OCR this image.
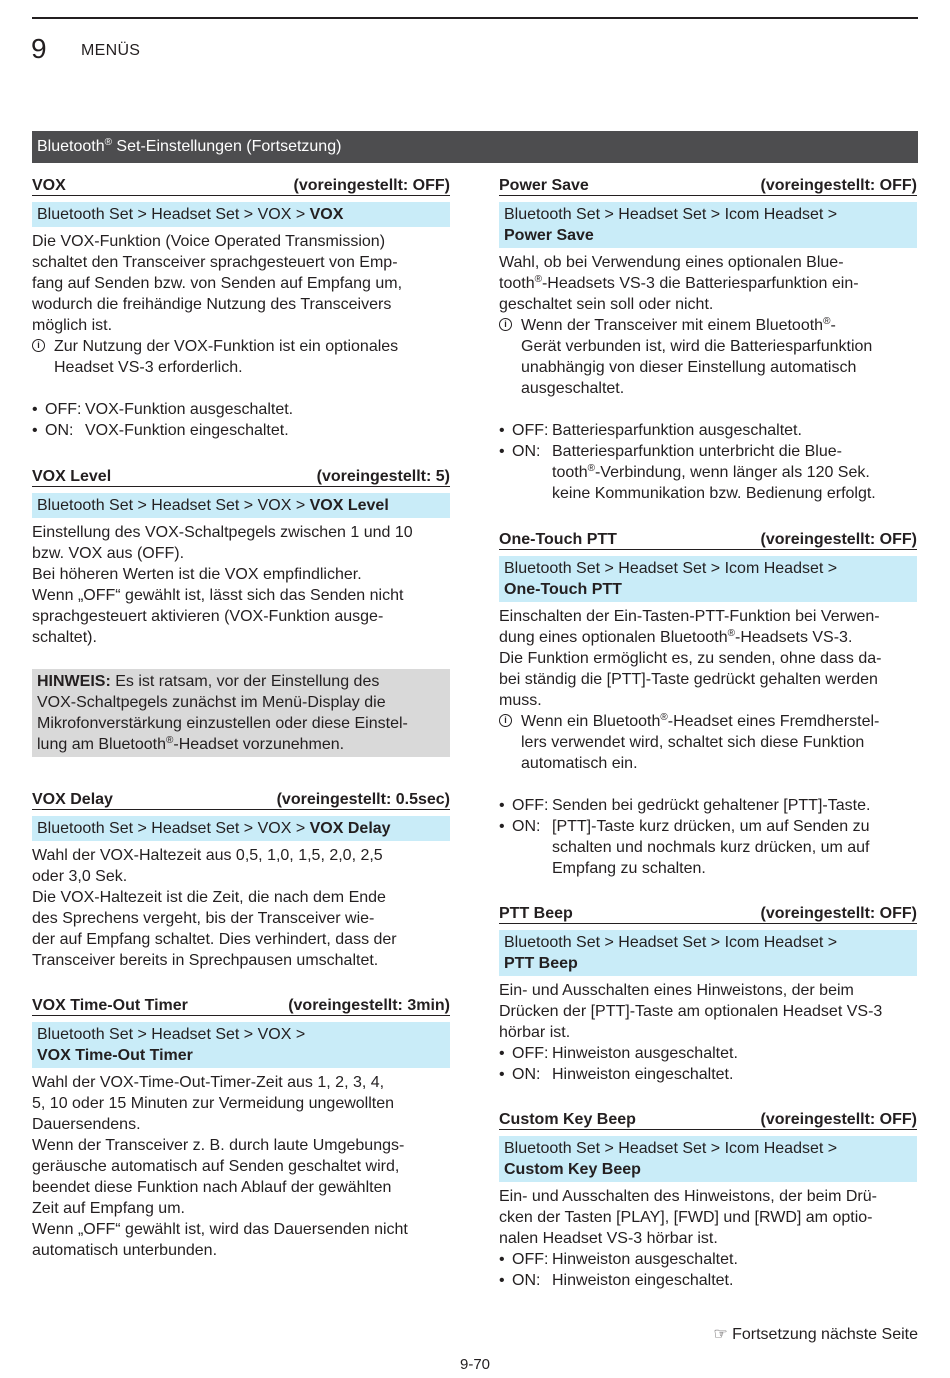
9 MENÜS
Bluetooth® Set-Einstellungen (Fortsetzung)
VOX	(voreingestellt: OFF)
Bluetooth Set > Headset Set > VOX > VOX
Die VOX-Funktion (Voice Operated Transmission)
schaltet den Transceiver sprachgesteuert von Emp-
fang auf Senden bzw. von Senden auf Empfang um,
wodurch die freihändige Nutzung des Transceivers
möglich ist.
i Zur Nutzung der VOX-Funktion ist ein optionales
Headset VS-3 erforderlich.
• OFF: VOX-Funktion ausgeschaltet.
• ON: VOX-Funktion eingeschaltet.
VOX Level	(voreingestellt: 5)
Bluetooth Set > Headset Set > VOX > VOX Level
Einstellung des VOX-Schaltpegels zwischen 1 und 10
bzw. VOX aus (OFF).
Bei höheren Werten ist die VOX empfindlicher.
Wenn „OFF“ gewählt ist, lässt sich das Senden nicht
sprachgesteuert aktivieren (VOX-Funktion ausge-
schaltet).
HINWEIS: Es ist ratsam, vor der Einstellung des
VOX-Schaltpegels zunächst im Menü-Display die
Mikrofonverstärkung einzustellen oder diese Einstel-
lung am Bluetooth®-Headset vorzunehmen.
VOX Delay	(voreingestellt: 0.5sec)
Bluetooth Set > Headset Set > VOX > VOX Delay
Wahl der VOX-Haltezeit aus 0,5, 1,0, 1,5, 2,0, 2,5
oder 3,0 Sek.
Die VOX-Haltezeit ist die Zeit, die nach dem Ende
des Sprechens vergeht, bis der Transceiver wie-
der auf Empfang schaltet. Dies verhindert, dass der
Transceiver bereits in Sprechpausen umschaltet.
VOX Time-Out Timer	(voreingestellt: 3min)
Bluetooth Set > Headset Set > VOX >
VOX Time-Out Timer
Wahl der VOX-Time-Out-Timer-Zeit aus 1, 2, 3, 4,
5, 10 oder 15 Minuten zur Vermeidung ungewollten
Dauersendens.
Wenn der Transceiver z. B. durch laute Umgebungs-
geräusche automatisch auf Senden geschaltet wird,
beendet diese Funktion nach Ablauf der gewählten
Zeit auf Empfang um.
Wenn „OFF“ gewählt ist, wird das Dauersenden nicht
automatisch unterbunden.
Power Save	(voreingestellt: OFF)
Bluetooth Set > Headset Set > Icom Headset >
Power Save
Wahl, ob bei Verwendung eines optionalen Blue-
tooth®-Headsets VS-3 die Batteriesparfunktion ein-
geschaltet sein soll oder nicht.
i Wenn der Transceiver mit einem Bluetooth®-
Gerät verbunden ist, wird die Batteriesparfunktion
unabhängig von dieser Einstellung automatisch
ausgeschaltet.
• OFF: Batteriesparfunktion ausgeschaltet.
• ON: Batteriesparfunktion unterbricht die Blue-
tooth®-Verbindung, wenn länger als 120 Sek.
keine Kommunikation bzw. Bedienung erfolgt.
One-Touch PTT	(voreingestellt: OFF)
Bluetooth Set > Headset Set > Icom Headset >
One-Touch PTT
Einschalten der Ein-Tasten-PTT-Funktion bei Verwen-
dung eines optionalen Bluetooth®-Headsets VS-3.
Die Funktion ermöglicht es, zu senden, ohne dass da-
bei ständig die [PTT]-Taste gedrückt gehalten werden
muss.
i Wenn ein Bluetooth®-Headset eines Fremdherstel-
lers verwendet wird, schaltet sich diese Funktion
automatisch ein.
• OFF: Senden bei gedrückt gehaltener [PTT]-Taste.
• ON: [PTT]-Taste kurz drücken, um auf Senden zu
schalten und nochmals kurz drücken, um auf
Empfang zu schalten.
PTT Beep	(voreingestellt: OFF)
Bluetooth Set > Headset Set > Icom Headset >
PTT Beep
Ein- und Ausschalten eines Hinweistons, der beim
Drücken der [PTT]-Taste am optionalen Headset VS-3
hörbar ist.
• OFF: Hinweiston ausgeschaltet.
• ON: Hinweiston eingeschaltet.
Custom Key Beep	(voreingestellt: OFF)
Bluetooth Set > Headset Set > Icom Headset >
Custom Key Beep
Ein- und Ausschalten des Hinweistons, der beim Drü-
cken der Tasten [PLAY], [FWD] und [RWD] am optio-
nalen Headset VS-3 hörbar ist.
• OFF: Hinweiston ausgeschaltet.
• ON: Hinweiston eingeschaltet.
☞ Fortsetzung nächste Seite
9-70
